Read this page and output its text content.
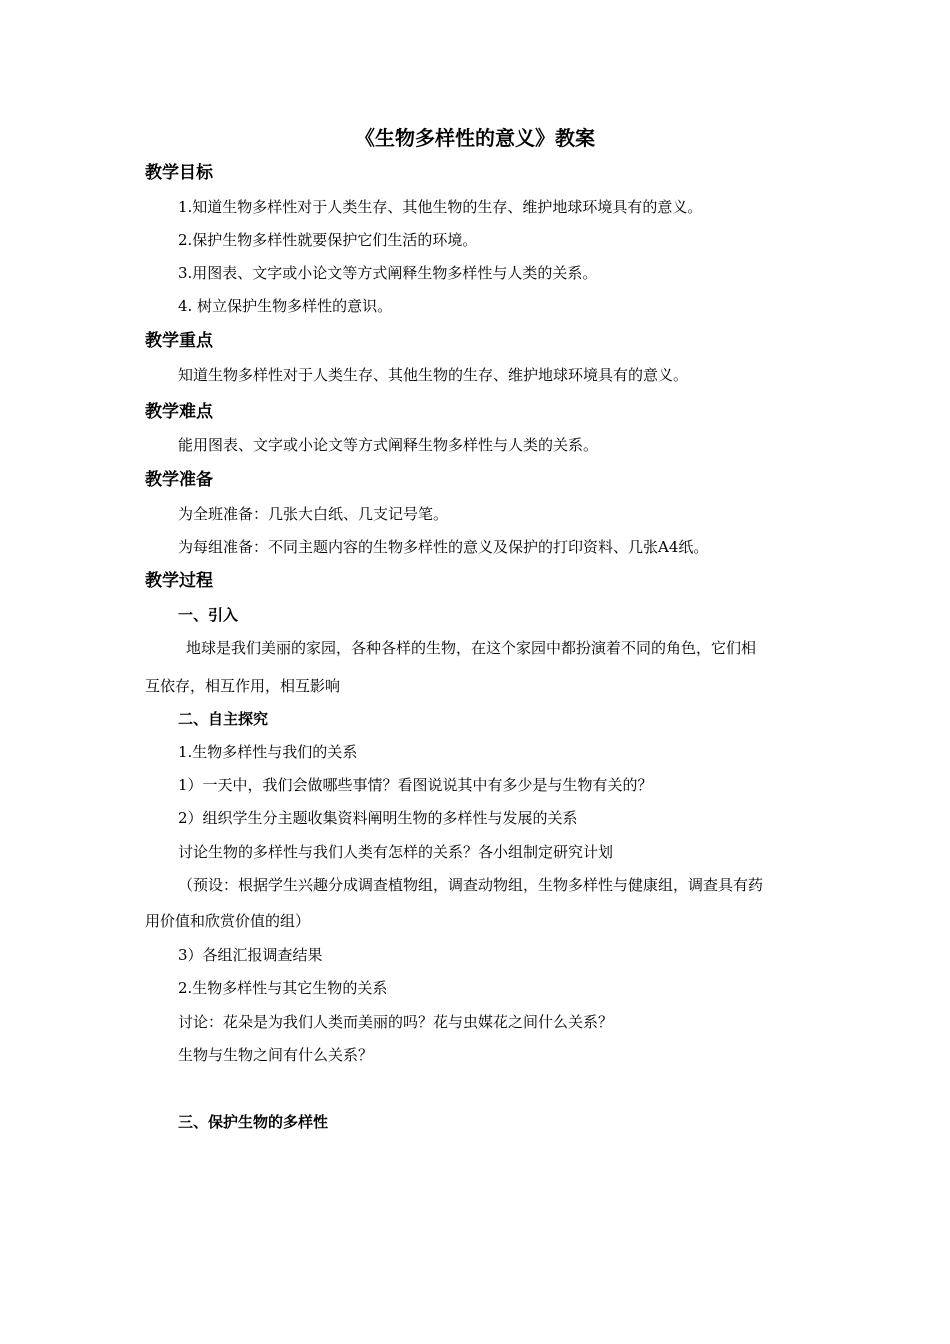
《生物多样性的意义》教案
教学目标

1.知道生物多样性对于人类生存、其他生物的生存、维护地球环境具有的意义。

2.保护生物多样性就要保护它们生活的环境。

3.用图表、文字或小论文等方式阐释生物多样性与人类的关系。

4. 树立保护生物多样性的意识。

教学重点

知道生物多样性对于人类生存、其他生物的生存、维护地球环境具有的意义。

教学难点

能用图表、文字或小论文等方式阐释生物多样性与人类的关系。

教学准备

为全班准备：几张大白纸、几支记号笔。

为每组准备：不同主题内容的生物多样性的意义及保护的打印资料、几张A4纸。

教学过程
一、引入

地球是我们美丽的家园，各种各样的生物，在这个家园中都扮演着不同的角色，它们相

互依存，相互作用，相互影响

二、自主探究

1.生物多样性与我们的关系

1）一天中，我们会做哪些事情？看图说说其中有多少是与生物有关的？

2）组织学生分主题收集资料阐明生物的多样性与发展的关系

讨论生物的多样性与我们人类有怎样的关系？各小组制定研究计划

（预设：根据学生兴趣分成调查植物组，调查动物组，生物多样性与健康组，调查具有药

用价值和欣赏价值的组）

3）各组汇报调查结果

2.生物多样性与其它生物的关系

讨论：花朵是为我们人类而美丽的吗？花与虫媒花之间什么关系？

生物与生物之间有什么关系？

三、保护生物的多样性
